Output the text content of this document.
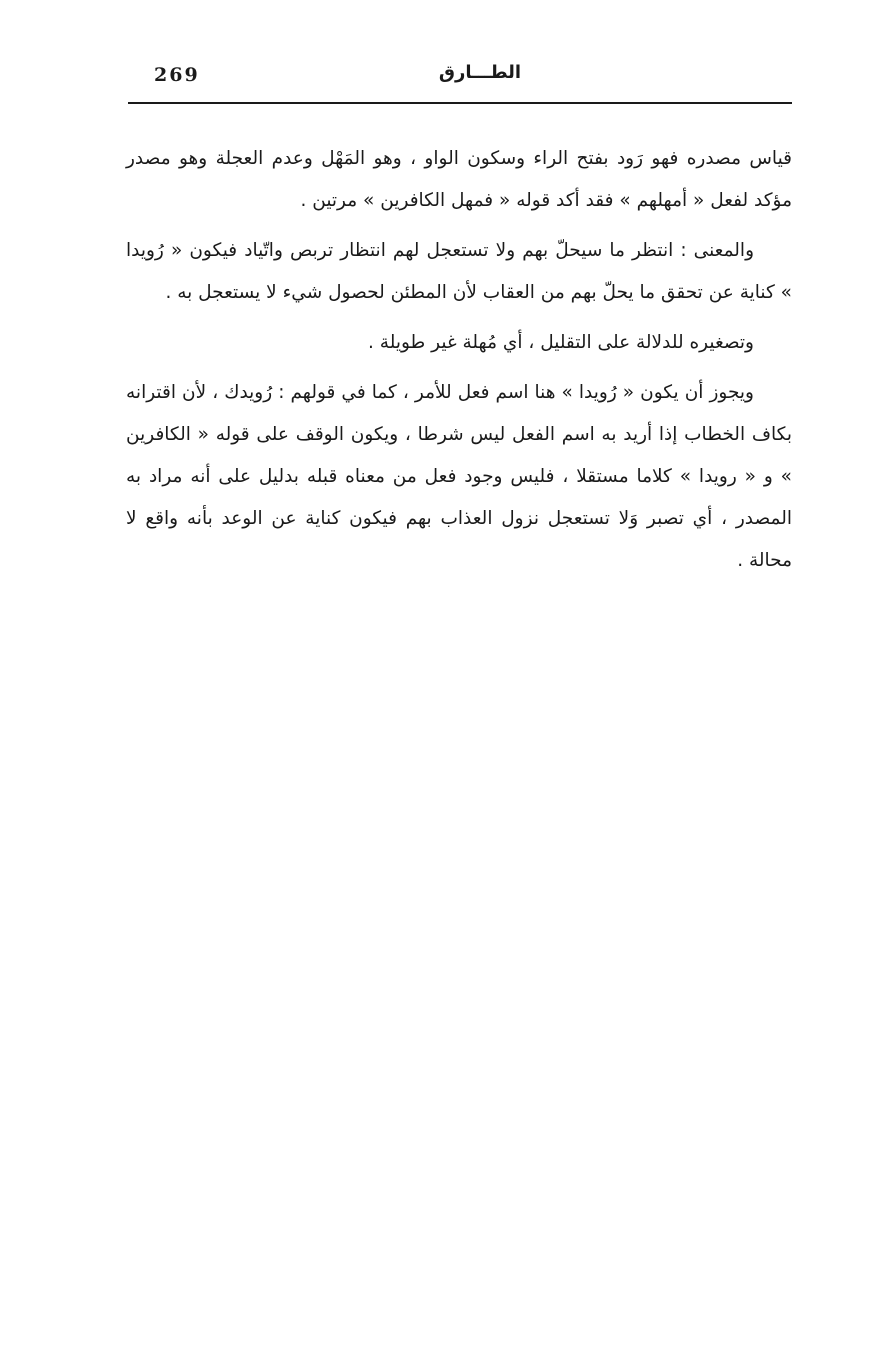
269	الطـــارق

قياس مصدره فهو رَود بفتح الراء وسكون الواو ، وهو المَهْل وعدم العجلة وهو مصدر مؤكد لفعل « أمهلهم » فقد أكد قوله « فمهل الكافرين » مرتين .

والمعنى : انتظر ما سيحلّ بهم ولا تستعجل لهم انتظار تربص واتّياد فيكون « رُويدا » كناية عن تحقق ما يحلّ بهم من العقاب لأن المطئن لحصول شيء لا يستعجل به .

وتصغيره للدلالة على التقليل ، أي مُهلة غير طويلة .

ويجوز أن يكون « رُويدا » هنا اسم فعل للأمر ، كما في قولهم : رُويدك ، لأن اقترانه بكاف الخطاب إذا أريد به اسم الفعل ليس شرطا ، ويكون الوقف على قوله « الكافرين » و « رويدا » كلاما مستقلا ، فليس وجود فعل من معناه قبله بدليل على أنه مراد به المصدر ، أي تصبر وَلا تستعجل نزول العذاب بهم فيكون كناية عن الوعد بأنه واقع لا محالة .
